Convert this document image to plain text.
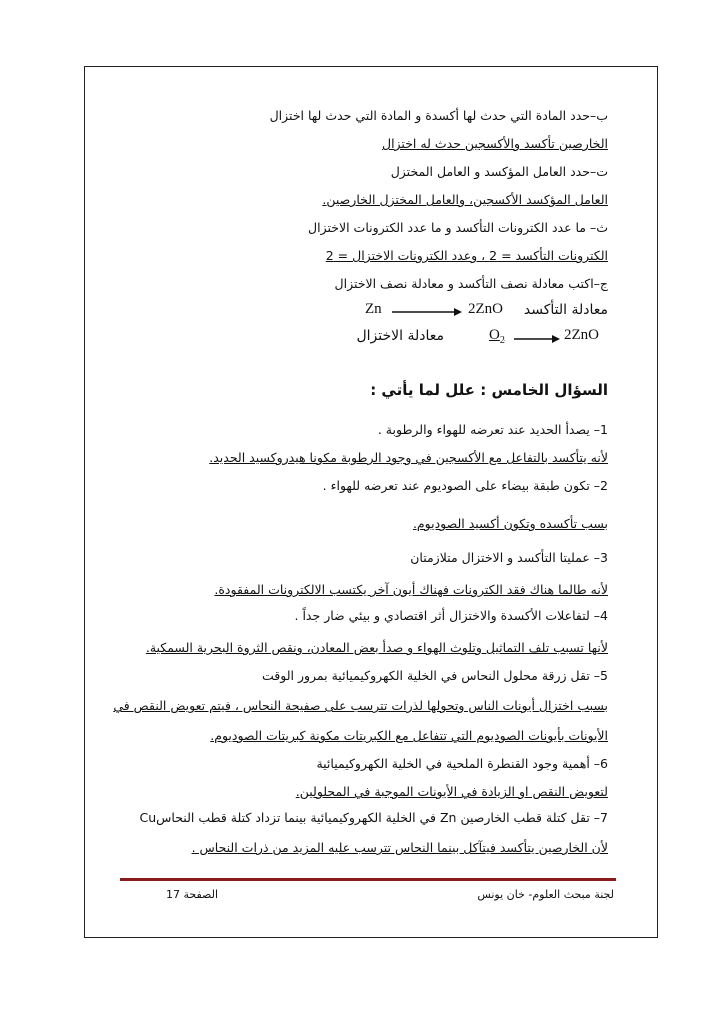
ب–حدد المادة التي حدث لها أكسدة و المادة التي حدث لها اختزال
الخارصين تأكسد والأكسجين حدث له اختزال
ت–حدد العامل المؤكسد و العامل المختزل
العامل المؤكسد الأكسجين، والعامل المختزل الخارصين.
ث– ما عدد الكترونات التأكسد و ما عدد الكترونات الاختزال
الكترونات التأكسد = 2 ، وعدد الكترونات الاختزال = 2
ج–اكتب معادلة نصف التأكسد و معادلة نصف الاختزال
معادلة التأكسد
معادلة الاختزال
السؤال الخامس : علل لما يأتي :
1– يصدأ الحديد عند تعرضه للهواء والرطوبة .
لأنه يتأكسد بالتفاعل مع الأكسجين في وجود الرطوبة مكونا هيدروكسيد الحديد.
2– تكون طبقة بيضاء على الصوديوم عند تعرضه للهواء .
بسب تأكسده وتكون أكسيد الصوديوم.
3– عمليتا التأكسد و الاختزال متلازمتان
لأنه طالما هناك فقد الكترونات فهناك أيون آخر يكتسب الالكترونات المفقودة.
4– لتفاعلات الأكسدة والاختزال أثر اقتصادي و بيئي ضار جداً .
لأنها تسبب تلف التماثيل وتلوث الهواء و صدأ بعض المعادن، ونقص الثروة البحرية السمكية.
5– تقل زرقة محلول النحاس في الخلية الكهروكيميائية بمرور الوقت
بسبب اختزال أيونات الناس وتحولها لذرات تترسب على صفيحة النحاس ، فيتم تعويض النقص في
الأيونات بأيونات الصوديوم التي تتفاعل مع الكبريتات مكونة كبريتات الصوديوم.
6– أهمية وجود القنطرة الملحية في الخلية الكهروكيميائية
لتعويض النقص او الزيادة في الأيونات الموجبة في المحلولين.
7– تقل كتلة قطب الخارصين Zn في الخلية الكهروكيميائية بينما تزداد كتلة قطب النحاسCu
لأن الخارصين يتأكسد فيتآكل بينما النحاس تترسب عليه المزيد من ذرات النحاس .
Zn	2ZnO
$O_2$	2ZnO
الصفحة 17	لجنة مبحث العلوم- خان يونس
